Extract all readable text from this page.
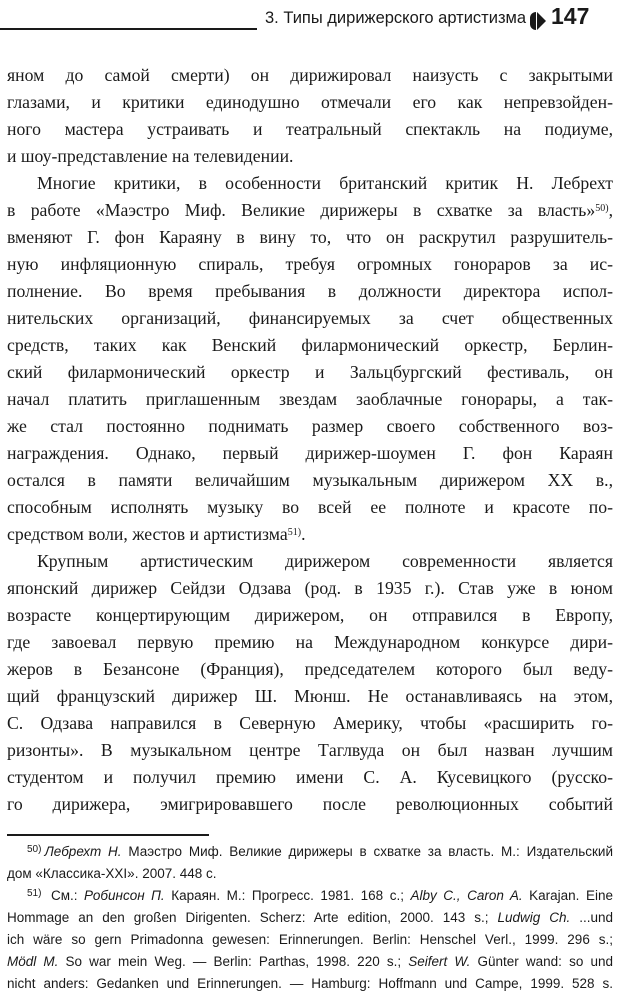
3. Типы дирижерского артистизма 147
яном до самой смерти) он дирижировал наизусть с закрытыми
глазами, и критики единодушно отмечали его как непревзойден-
ного мастера устраивать и театральный спектакль на подиуме,
и шоу-представление на телевидении.
Многие критики, в особенности британский критик Н. Лебрехт
в работе «Маэстро Миф. Великие дирижеры в схватке за власть»$^{50)}$,
вменяют Г. фон Караяну в вину то, что он раскрутил разрушитель-
ную инфляционную спираль, требуя огромных гонораров за ис-
полнение. Во время пребывания в должности директора испол-
нительских организаций, финансируемых за счет общественных
средств, таких как Венский филармонический оркестр, Берлин-
ский филармонический оркестр и Зальцбургский фестиваль, он
начал платить приглашенным звездам заоблачные гонорары, а так-
же стал постоянно поднимать размер своего собственного воз-
награждения. Однако, первый дирижер-шоумен Г. фон Караян
остался в памяти величайшим музыкальным дирижером XX в.,
способным исполнять музыку во всей ее полноте и красоте по-
средством воли, жестов и артистизма$^{51)}$.
Крупным артистическим дирижером современности является
японский дирижер Сейдзи Одзава (род. в 1935 г.). Став уже в юном
возрасте концертирующим дирижером, он отправился в Европу,
где завоевал первую премию на Международном конкурсе дири-
жеров в Безансоне (Франция), председателем которого был веду-
щий французский дирижер Ш. Мюнш. Не останавливаясь на этом,
С. Одзава направился в Северную Америку, чтобы «расширить го-
ризонты». В музыкальном центре Тaглвуда он был назван лучшим
студентом и получил премию имени С. А. Кусевицкого (русско-
го дирижера, эмигрировавшего после революционных событий
$^{50)}$ Лебрехт Н. Маэстро Миф. Великие дирижеры в схватке за власть. М.: Издательский
дом «Классика-XXI». 2007. 448 с.
$^{51)}$ См.: Робинсон П. Караян. М.: Прогресс. 1981. 168 с.; Alby C., Caron A. Karajan. Eine
Hommage an den großen Dirigenten. Scherz: Arte edition, 2000. 143 s.; Ludwig Ch. ...und
ich wäre so gern Primadonna gewesen: Erinnerungen. Berlin: Henschel Verl., 1999. 296 s.;
Mödl M. So war mein Weg. — Berlin: Parthas, 1998. 220 s.; Seifert W. Günter wand: so und
nicht anders: Gedanken und Erinnerungen. — Hamburg: Hoffmann und Campe, 1999. 528 s.
